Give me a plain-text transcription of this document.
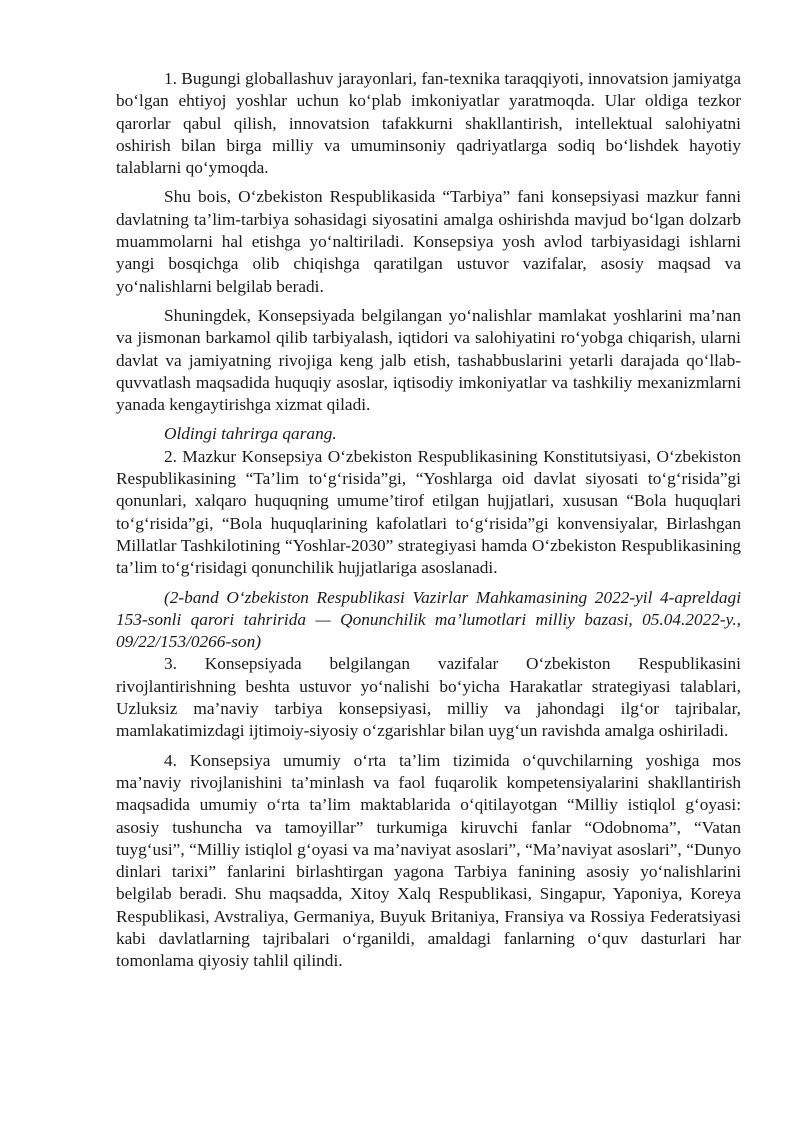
1. Bugungi globallashuv jarayonlari, fan-texnika taraqqiyoti, innovatsion jamiyatga bo‘lgan ehtiyoj yoshlar uchun ko‘plab imkoniyatlar yaratmoqda. Ular oldiga tezkor qarorlar qabul qilish, innovatsion tafakkurni shakllantirish, intellektual salohiyatni oshirish bilan birga milliy va umuminsoniy qadriyatlarga sodiq bo‘lishdek hayotiy talablarni qo‘ymoqda.

Shu bois, O‘zbekiston Respublikasida “Tarbiya” fani konsepsiyasi mazkur fanni davlatning ta’lim-tarbiya sohasidagi siyosatini amalga oshirishda mavjud bo‘lgan dolzarb muammolarni hal etishga yo‘naltiriladi. Konsepsiya yosh avlod tarbiyasidagi ishlarni yangi bosqichga olib chiqishga qaratilgan ustuvor vazifalar, asosiy maqsad va yo‘nalishlarni belgilab beradi.

Shuningdek, Konsepsiyada belgilangan yo‘nalishlar mamlakat yoshlarini ma’nan va jismonan barkamol qilib tarbiyalash, iqtidori va salohiyatini ro‘yobga chiqarish, ularni davlat va jamiyatning rivojiga keng jalb etish, tashabbuslarini yetarli darajada qo‘llab-quvvatlash maqsadida huquqiy asoslar, iqtisodiy imkoniyatlar va tashkiliy mexanizmlarni yanada kengaytirishga xizmat qiladi.

Oldingi tahrirga qarang.

2. Mazkur Konsepsiya O‘zbekiston Respublikasining Konstitutsiyasi, O‘zbekiston Respublikasining “Ta’lim to‘g‘risida”gi, “Yoshlarga oid davlat siyosati to‘g‘risida”gi qonunlari, xalqaro huquqning umume’tirof etilgan hujjatlari, xususan “Bola huquqlari to‘g‘risida”gi, “Bola huquqlarining kafolatlari to‘g‘risida”gi konvensiyalar, Birlashgan Millatlar Tashkilotining “Yoshlar-2030” strategiyasi hamda O‘zbekiston Respublikasining ta’lim to‘g‘risidagi qonunchilik hujjatlariga asoslanadi.

(2-band O‘zbekiston Respublikasi Vazirlar Mahkamasining 2022-yil 4-apreldagi 153-sonli qarori tahririda — Qonunchilik ma’lumotlari milliy bazasi, 05.04.2022-y., 09/22/153/0266-son)

3. Konsepsiyada belgilangan vazifalar O‘zbekiston Respublikasini rivojlantirishning beshta ustuvor yo‘nalishi bo‘yicha Harakatlar strategiyasi talablari, Uzluksiz ma’naviy tarbiya konsepsiyasi, milliy va jahondagi ilg‘or tajribalar, mamlakatimizdagi ijtimoiy-siyosiy o‘zgarishlar bilan uyg‘un ravishda amalga oshiriladi.

4. Konsepsiya umumiy o‘rta ta’lim tizimida o‘quvchilarning yoshiga mos ma’naviy rivojlanishini ta’minlash va faol fuqarolik kompetensiyalarini shakllantirish maqsadida umumiy o‘rta ta’lim maktablarida o‘qitilayotgan “Milliy istiqlol g‘oyasi: asosiy tushuncha va tamoyillar” turkumiga kiruvchi fanlar “Odobnoma”, “Vatan tuyg‘usi”, “Milliy istiqlol g‘oyasi va ma’naviyat asoslari”, “Ma’naviyat asoslari”, “Dunyo dinlari tarixi” fanlarini birlashtirgan yagona Tarbiya fanining asosiy yo‘nalishlarini belgilab beradi. Shu maqsadda, Xitoy Xalq Respublikasi, Singapur, Yaponiya, Koreya Respublikasi, Avstraliya, Germaniya, Buyuk Britaniya, Fransiya va Rossiya Federatsiyasi kabi davlatlarning tajribalari o‘rganildi, amaldagi fanlarning o‘quv dasturlari har tomonlama qiyosiy tahlil qilindi.
